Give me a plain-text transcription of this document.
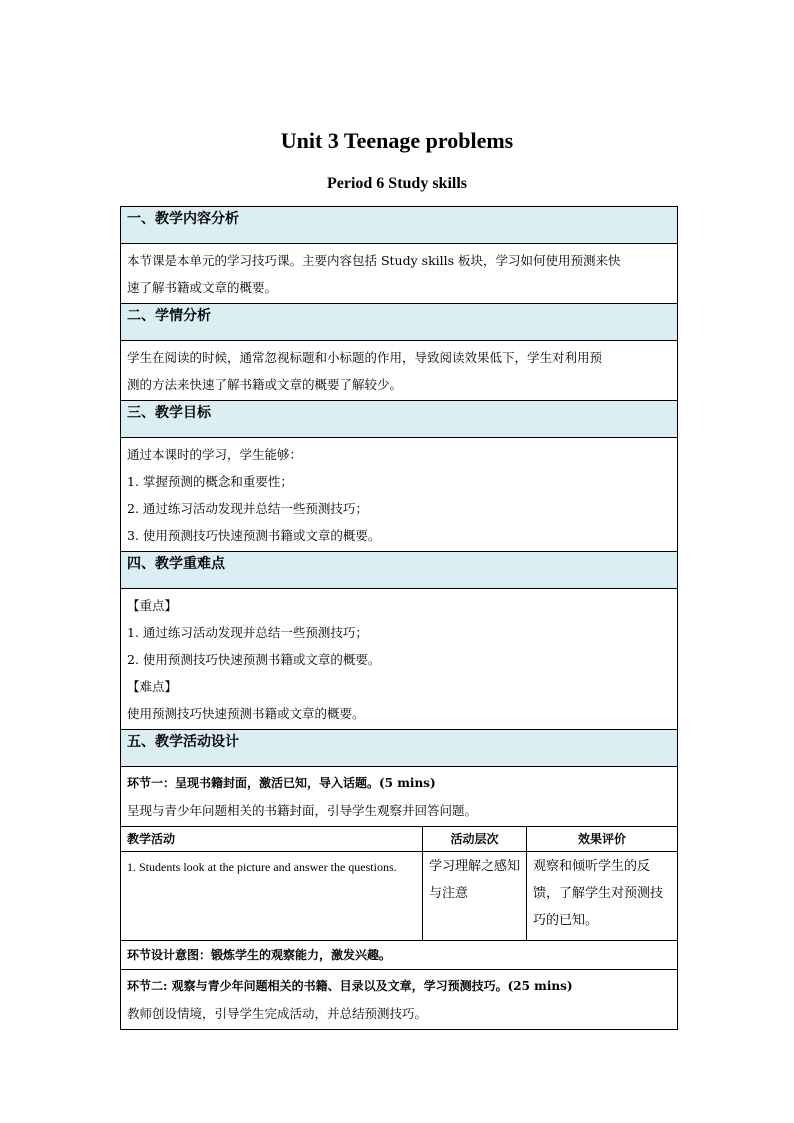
Unit 3 Teenage problems
Period 6 Study skills
一、教学内容分析		

本节课是本单元的学习技巧课。主要内容包括 Study skills 板块，学习如何使用预测来快
速了解书籍或文章的概要。		

二、学情分析		

学生在阅读的时候，通常忽视标题和小标题的作用，导致阅读效果低下，学生对利用预
测的方法来快速了解书籍或文章的概要了解较少。		

三、教学目标		

通过本课时的学习，学生能够：
1. 掌握预测的概念和重要性；
2. 通过练习活动发现并总结一些预测技巧；
3. 使用预测技巧快速预测书籍或文章的概要。		

四、教学重难点		

【重点】
1. 通过练习活动发现并总结一些预测技巧；
2. 使用预测技巧快速预测书籍或文章的概要。
【难点】
使用预测技巧快速预测书籍或文章的概要。		

五、教学活动设计		

环节一：呈现书籍封面，激活已知，导入话题。(5 mins)
呈现与青少年问题相关的书籍封面，引导学生观察并回答问题。		

教学活动	活动层次	效果评价
1. Students look at the picture and answer the questions.	学习理解之感知与注意	观察和倾听学生的反馈，了解学生对预测技巧的已知。
环节设计意图：锻炼学生的观察能力，激发兴趣。		

环节二: 观察与青少年问题相关的书籍、目录以及文章，学习预测技巧。(25 mins)
教师创设情境，引导学生完成活动，并总结预测技巧。		
